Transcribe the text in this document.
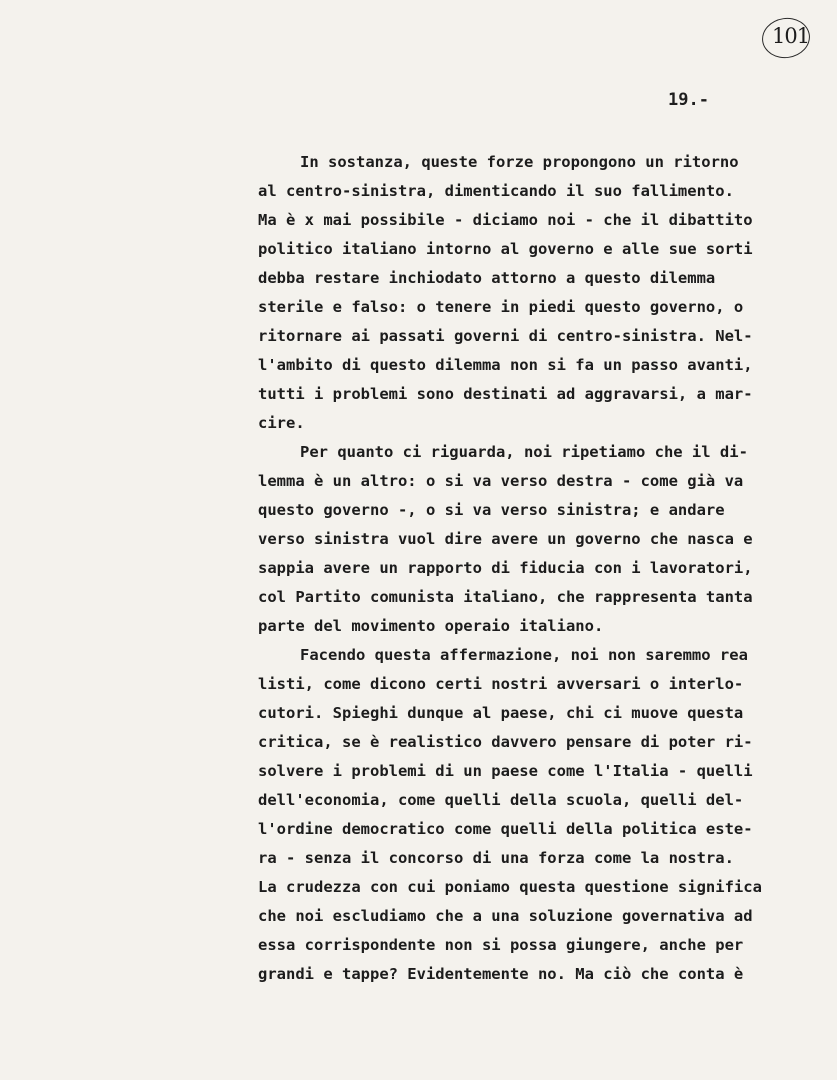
101
19.-
In sostanza, queste forze propongono un ritorno
al centro-sinistra, dimenticando il suo fallimento.
Ma è x mai possibile - diciamo noi - che il dibattito
politico italiano intorno al governo e alle sue sorti
debba restare inchiodato attorno a questo dilemma
sterile e falso: o tenere in piedi questo governo, o
ritornare ai passati governi di centro-sinistra. Nel-
l'ambito di questo dilemma non si fa un passo avanti,
tutti i problemi sono destinati ad aggravarsi, a mar-
cire.
Per quanto ci riguarda, noi ripetiamo che il di-
lemma è un altro: o si va verso destra - come già va
questo governo -, o si va verso sinistra; e andare
verso sinistra vuol dire avere un governo che nasca e
sappia avere un rapporto di fiducia con i lavoratori,
col Partito comunista italiano, che rappresenta tanta
parte del movimento operaio italiano.
Facendo questa affermazione, noi non saremmo rea
listi, come dicono certi nostri avversari o interlo-
cutori. Spieghi dunque al paese, chi ci muove questa
critica, se è realistico davvero pensare di poter ri-
solvere i problemi di un paese come l'Italia - quelli
dell'economia, come quelli della scuola, quelli del-
l'ordine democratico come quelli della politica este-
ra - senza il concorso di una forza come la nostra.
La crudezza con cui poniamo questa questione significa
che noi escludiamo che a una soluzione governativa ad
essa corrispondente non si possa giungere, anche per
grandi e tappe? Evidentemente no. Ma ciò che conta è
